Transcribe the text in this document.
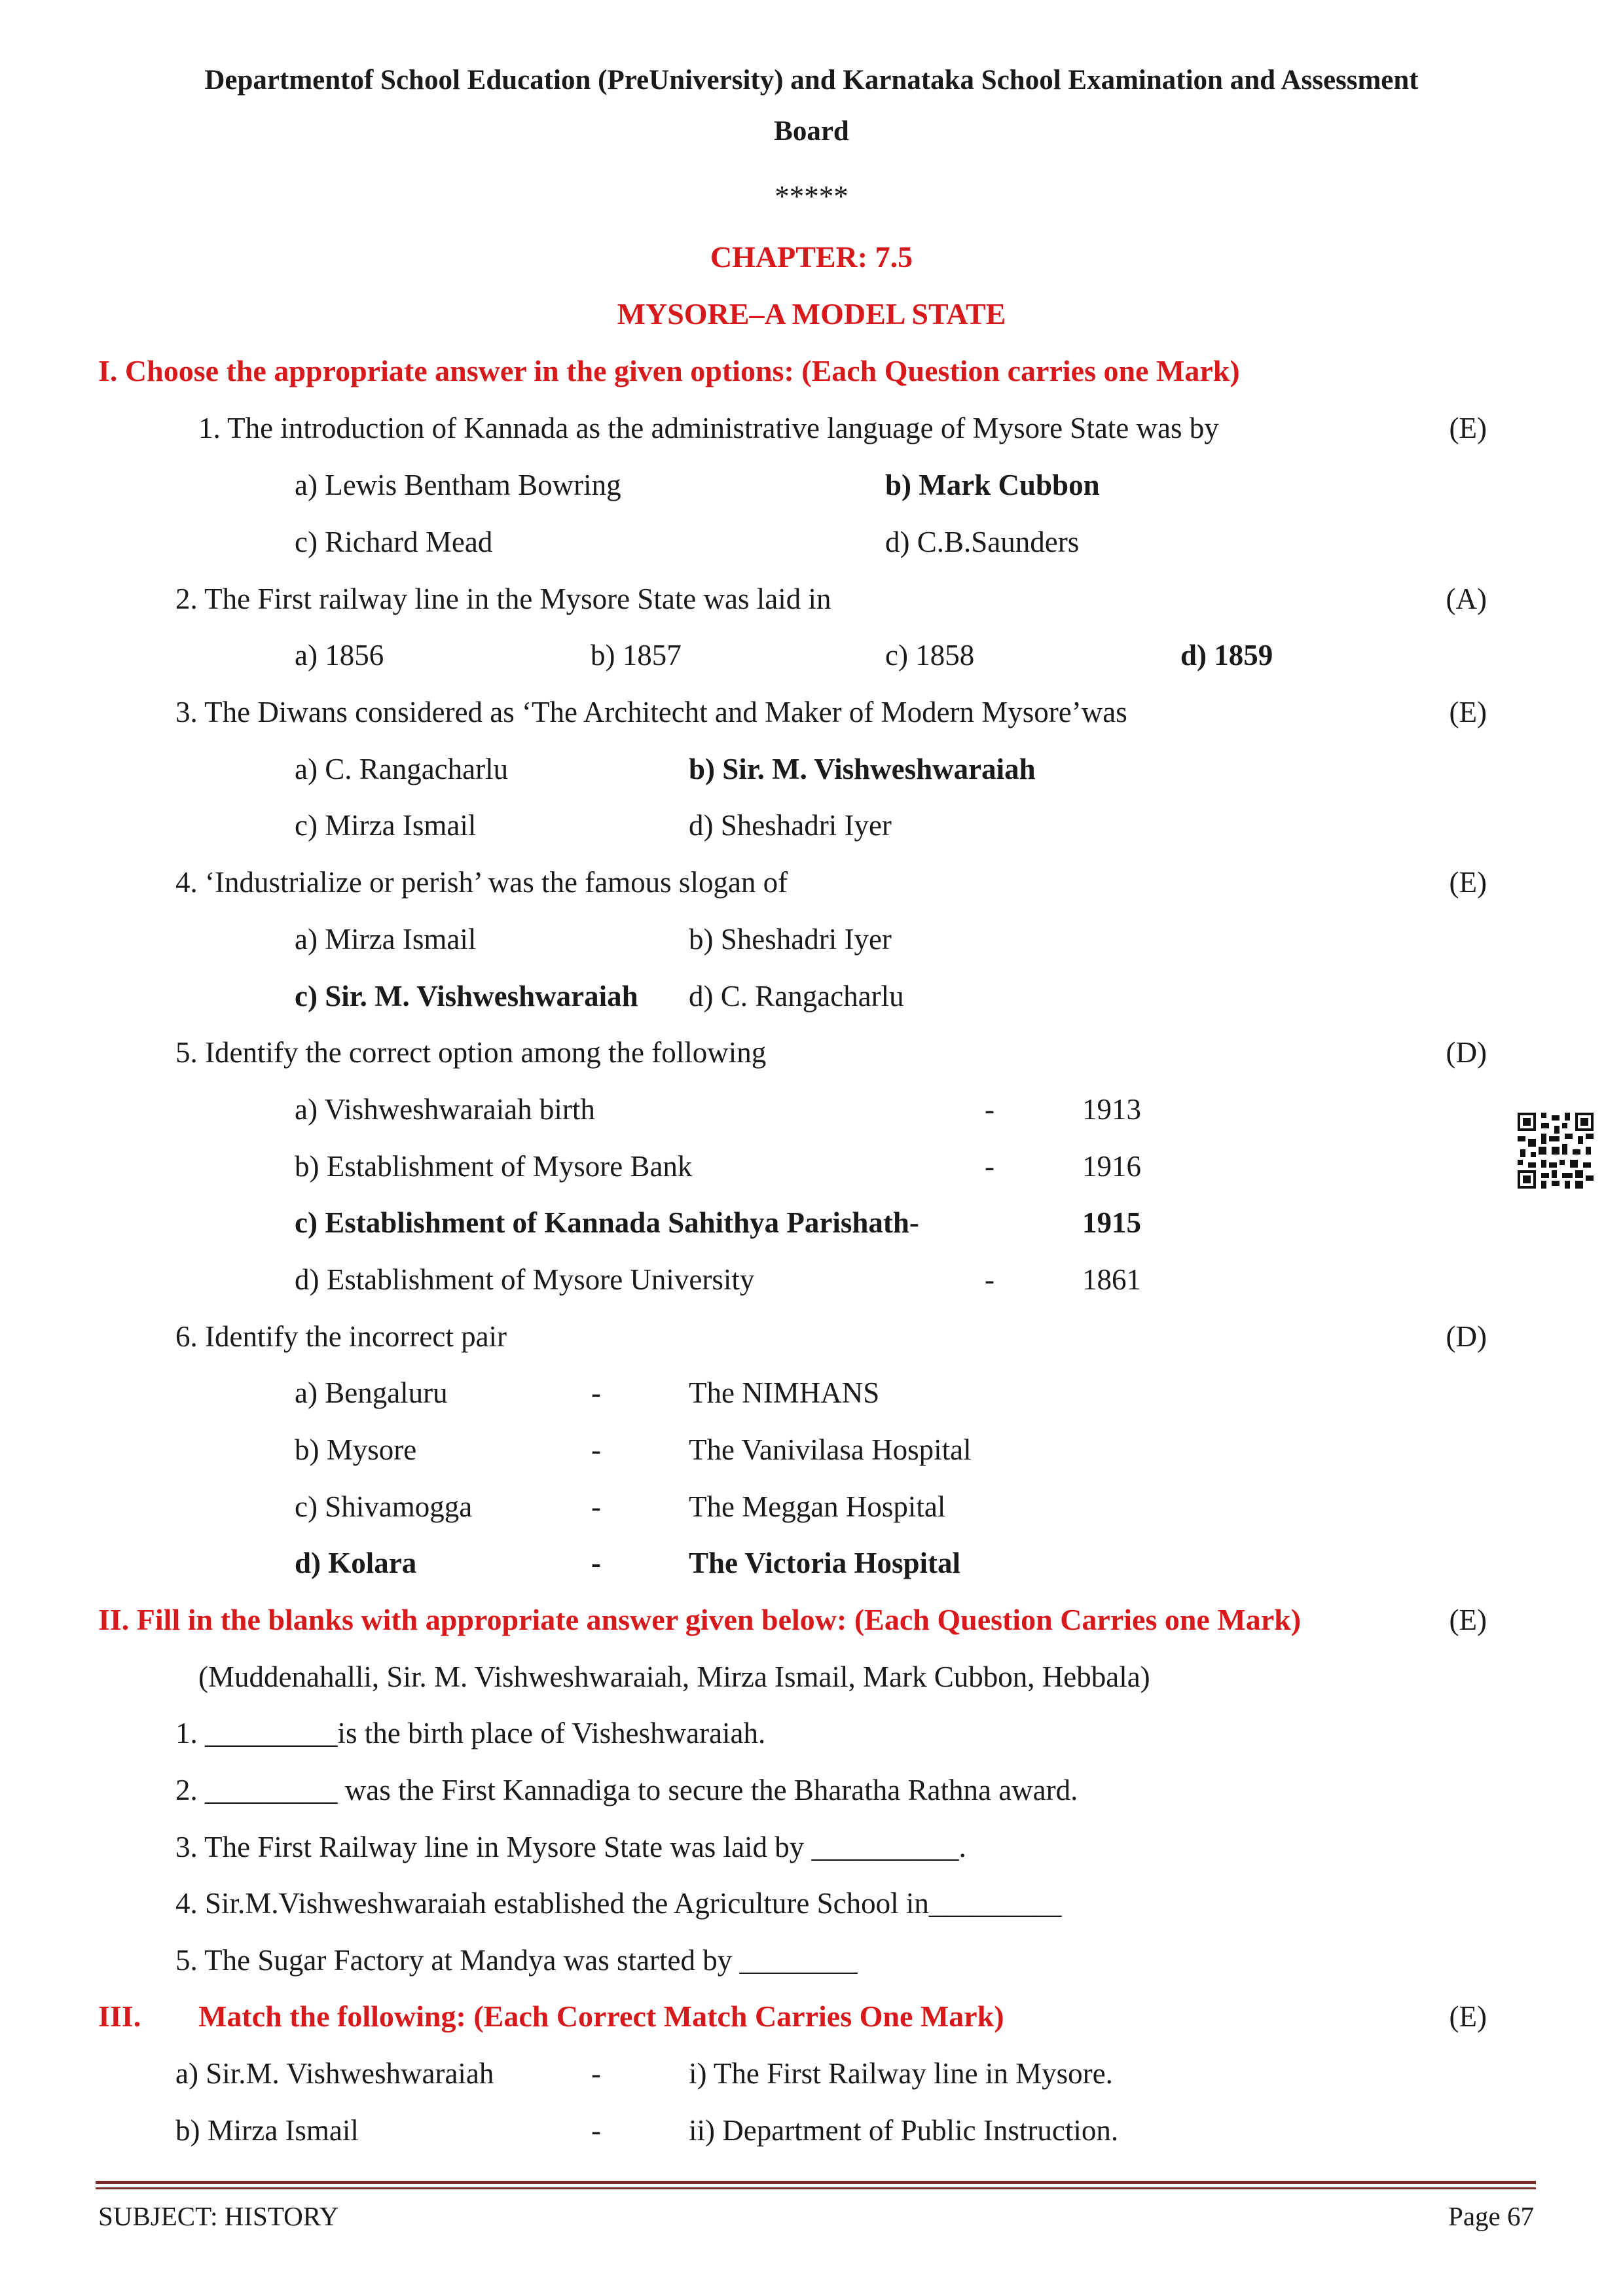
Departmentof School Education (PreUniversity) and Karnataka School Examination and Assessment
Board
*****
CHAPTER: 7.5
MYSORE–A MODEL STATE
I. Choose the appropriate answer in the given options: (Each Question carries one Mark)
1. The introduction of Kannada as the administrative language of Mysore State was by	(E)
a) Lewis Bentham Bowring	b) Mark Cubbon
c) Richard Mead	d) C.B.Saunders
2. The First railway line in the Mysore State was laid in	(A)
a) 1856	b) 1857	c) 1858	d) 1859
3. The Diwans considered as ‘The Architecht and Maker of Modern Mysore’was	(E)
a) C. Rangacharlu	b) Sir. M. Vishweshwaraiah
c) Mirza Ismail	d) Sheshadri Iyer
4. ‘Industrialize or perish’ was the famous slogan of	(E)
a) Mirza Ismail	b) Sheshadri Iyer
c) Sir. M. Vishweshwaraiah d) C. Rangacharlu
5. Identify the correct option among the following	(D)
a) Vishweshwaraiah birth	-	1913
b) Establishment of Mysore Bank	-	1916
c) Establishment of Kannada Sahithya Parishath-	1915
d) Establishment of Mysore University	-	1861
6. Identify the incorrect pair	(D)
a) Bengaluru	-	The NIMHANS
b) Mysore	-	The Vanivilasa Hospital
c) Shivamogga	-	The Meggan Hospital
d) Kolara	-	The Victoria Hospital
II. Fill in the blanks with appropriate answer given below: (Each Question Carries one Mark)	(E)
(Muddenahalli, Sir. M. Vishweshwaraiah, Mirza Ismail, Mark Cubbon, Hebbala)
1. _________is the birth place of Visheshwaraiah.
2. _________ was the First Kannadiga to secure the Bharatha Rathna award.
3. The First Railway line in Mysore State was laid by __________.
4. Sir.M.Vishweshwaraiah established the Agriculture School in_________
5. The Sugar Factory at Mandya was started by ________
III. Match the following: (Each Correct Match Carries One Mark)	(E)
a) Sir.M. Vishweshwaraiah	-	i) The First Railway line in Mysore.
b) Mirza Ismail	-	ii) Department of Public Instruction.
SUBJECT: HISTORY	Page 67
